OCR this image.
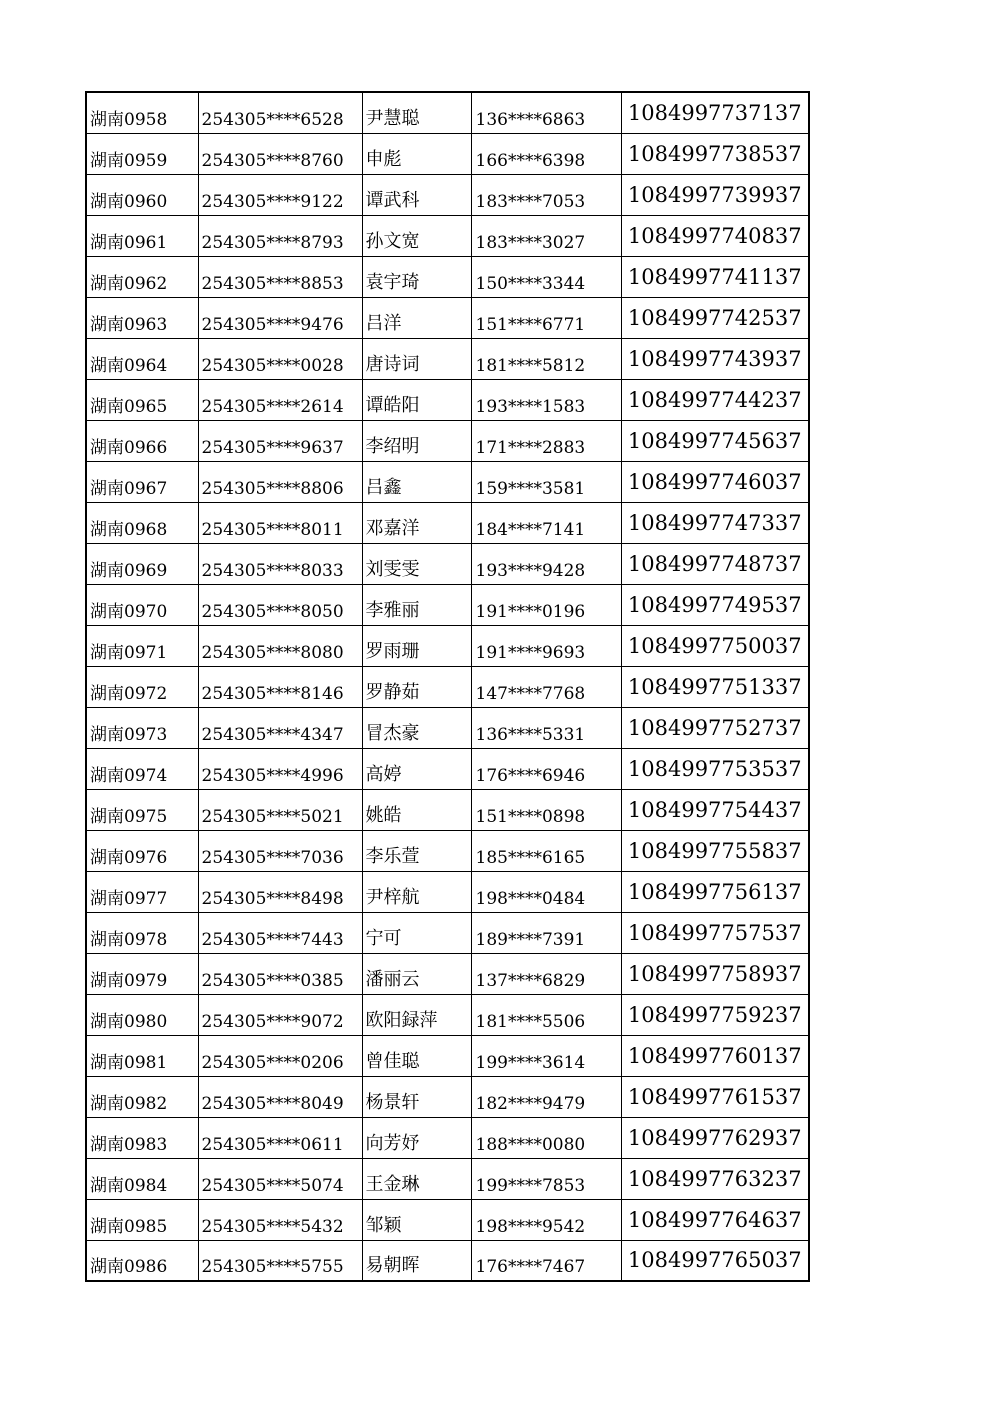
湖南0958	254305****6528	尹慧聪	136****6863	1084997737137
湖南0959	254305****8760	申彪	166****6398	1084997738537
湖南0960	254305****9122	谭武科	183****7053	1084997739937
湖南0961	254305****8793	孙文宽	183****3027	1084997740837
湖南0962	254305****8853	袁宇琦	150****3344	1084997741137
湖南0963	254305****9476	吕洋	151****6771	1084997742537
湖南0964	254305****0028	唐诗词	181****5812	1084997743937
湖南0965	254305****2614	谭皓阳	193****1583	1084997744237
湖南0966	254305****9637	李绍明	171****2883	1084997745637
湖南0967	254305****8806	吕鑫	159****3581	1084997746037
湖南0968	254305****8011	邓嘉洋	184****7141	1084997747337
湖南0969	254305****8033	刘雯雯	193****9428	1084997748737
湖南0970	254305****8050	李雅丽	191****0196	1084997749537
湖南0971	254305****8080	罗雨珊	191****9693	1084997750037
湖南0972	254305****8146	罗静茹	147****7768	1084997751337
湖南0973	254305****4347	冒杰豪	136****5331	1084997752737
湖南0974	254305****4996	高婷	176****6946	1084997753537
湖南0975	254305****5021	姚皓	151****0898	1084997754437
湖南0976	254305****7036	李乐萱	185****6165	1084997755837
湖南0977	254305****8498	尹梓航	198****0484	1084997756137
湖南0978	254305****7443	宁可	189****7391	1084997757537
湖南0979	254305****0385	潘丽云	137****6829	1084997758937
湖南0980	254305****9072	欧阳録萍	181****5506	1084997759237
湖南0981	254305****0206	曾佳聪	199****3614	1084997760137
湖南0982	254305****8049	杨景轩	182****9479	1084997761537
湖南0983	254305****0611	向芳妤	188****0080	1084997762937
湖南0984	254305****5074	王金琳	199****7853	1084997763237
湖南0985	254305****5432	邹颖	198****9542	1084997764637
湖南0986	254305****5755	易朝晖	176****7467	1084997765037
